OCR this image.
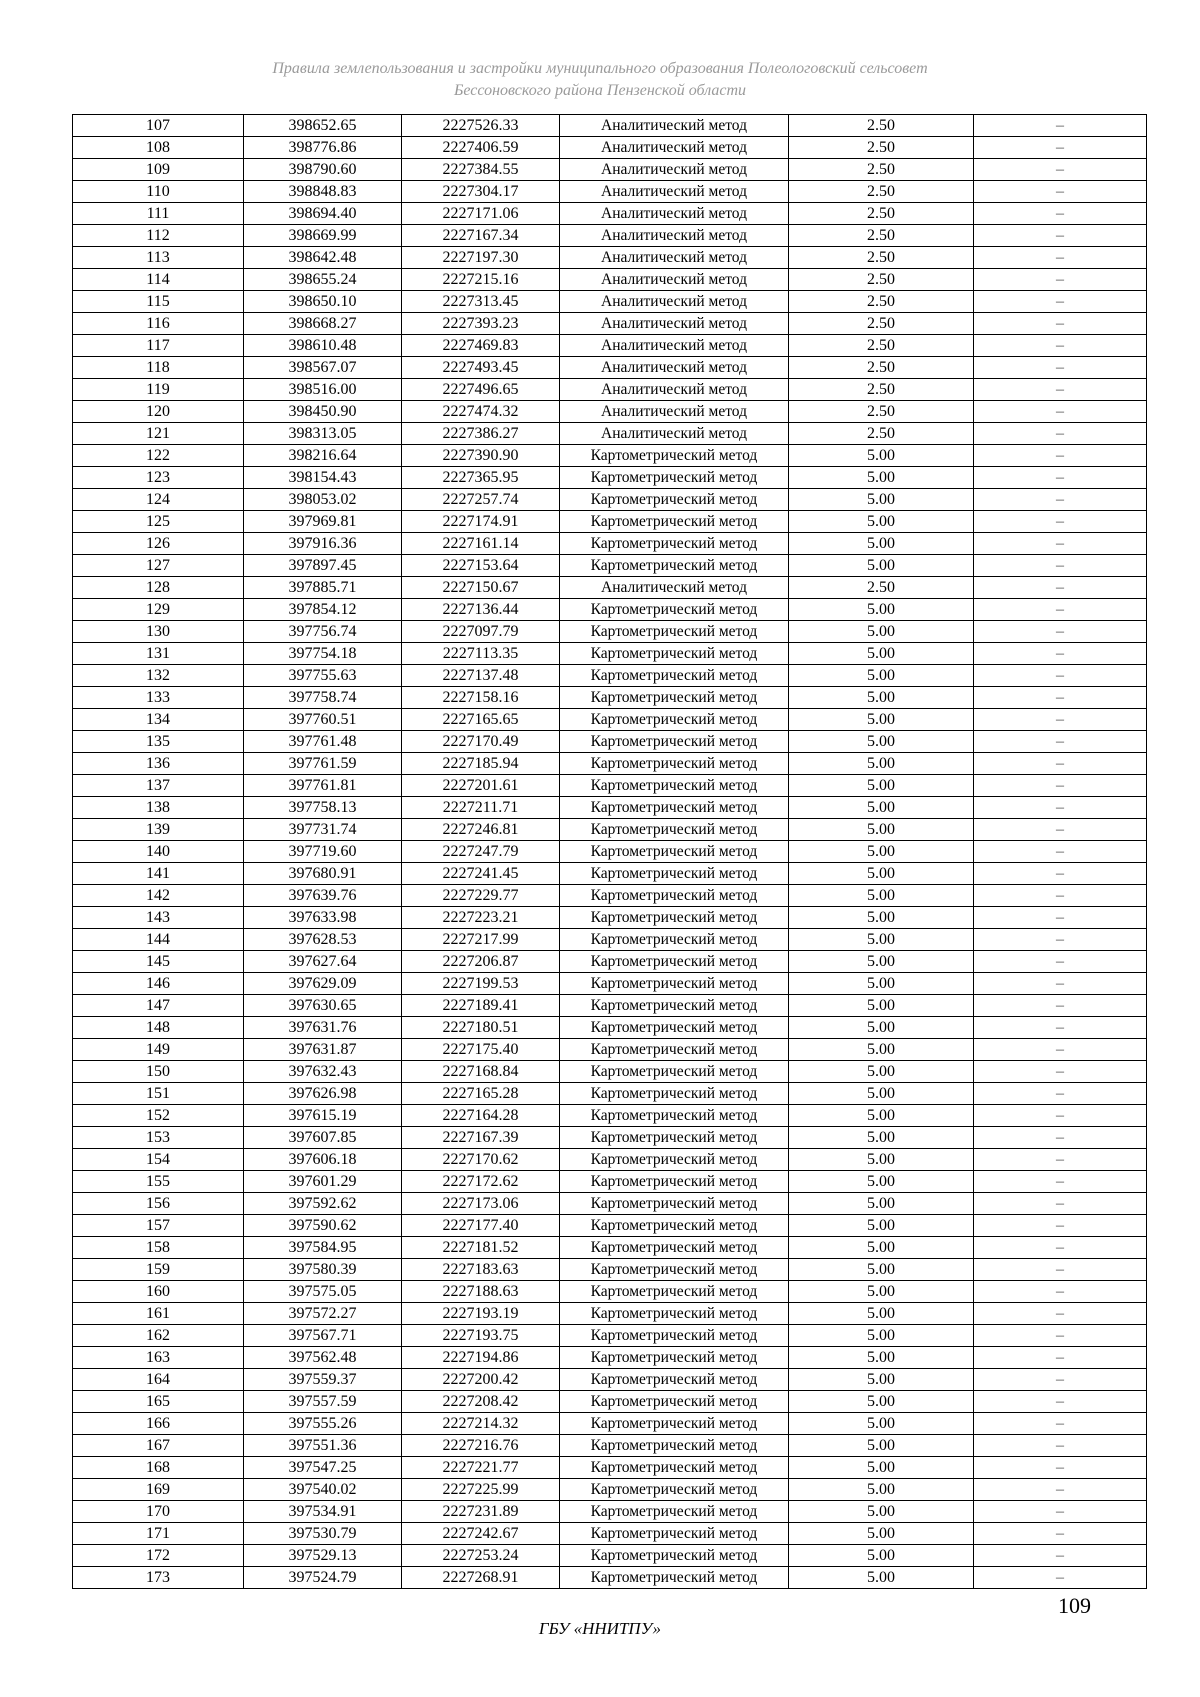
Правила землепользования и застройки муниципального образования Полеологовский сельсовет
Бессоновского района Пензенской области
107	398652.65	2227526.33	Аналитический метод	2.50	–
108	398776.86	2227406.59	Аналитический метод	2.50	–
109	398790.60	2227384.55	Аналитический метод	2.50	–
110	398848.83	2227304.17	Аналитический метод	2.50	–
111	398694.40	2227171.06	Аналитический метод	2.50	–
112	398669.99	2227167.34	Аналитический метод	2.50	–
113	398642.48	2227197.30	Аналитический метод	2.50	–
114	398655.24	2227215.16	Аналитический метод	2.50	–
115	398650.10	2227313.45	Аналитический метод	2.50	–
116	398668.27	2227393.23	Аналитический метод	2.50	–
117	398610.48	2227469.83	Аналитический метод	2.50	–
118	398567.07	2227493.45	Аналитический метод	2.50	–
119	398516.00	2227496.65	Аналитический метод	2.50	–
120	398450.90	2227474.32	Аналитический метод	2.50	–
121	398313.05	2227386.27	Аналитический метод	2.50	–
122	398216.64	2227390.90	Картометрический метод	5.00	–
123	398154.43	2227365.95	Картометрический метод	5.00	–
124	398053.02	2227257.74	Картометрический метод	5.00	–
125	397969.81	2227174.91	Картометрический метод	5.00	–
126	397916.36	2227161.14	Картометрический метод	5.00	–
127	397897.45	2227153.64	Картометрический метод	5.00	–
128	397885.71	2227150.67	Аналитический метод	2.50	–
129	397854.12	2227136.44	Картометрический метод	5.00	–
130	397756.74	2227097.79	Картометрический метод	5.00	–
131	397754.18	2227113.35	Картометрический метод	5.00	–
132	397755.63	2227137.48	Картометрический метод	5.00	–
133	397758.74	2227158.16	Картометрический метод	5.00	–
134	397760.51	2227165.65	Картометрический метод	5.00	–
135	397761.48	2227170.49	Картометрический метод	5.00	–
136	397761.59	2227185.94	Картометрический метод	5.00	–
137	397761.81	2227201.61	Картометрический метод	5.00	–
138	397758.13	2227211.71	Картометрический метод	5.00	–
139	397731.74	2227246.81	Картометрический метод	5.00	–
140	397719.60	2227247.79	Картометрический метод	5.00	–
141	397680.91	2227241.45	Картометрический метод	5.00	–
142	397639.76	2227229.77	Картометрический метод	5.00	–
143	397633.98	2227223.21	Картометрический метод	5.00	–
144	397628.53	2227217.99	Картометрический метод	5.00	–
145	397627.64	2227206.87	Картометрический метод	5.00	–
146	397629.09	2227199.53	Картометрический метод	5.00	–
147	397630.65	2227189.41	Картометрический метод	5.00	–
148	397631.76	2227180.51	Картометрический метод	5.00	–
149	397631.87	2227175.40	Картометрический метод	5.00	–
150	397632.43	2227168.84	Картометрический метод	5.00	–
151	397626.98	2227165.28	Картометрический метод	5.00	–
152	397615.19	2227164.28	Картометрический метод	5.00	–
153	397607.85	2227167.39	Картометрический метод	5.00	–
154	397606.18	2227170.62	Картометрический метод	5.00	–
155	397601.29	2227172.62	Картометрический метод	5.00	–
156	397592.62	2227173.06	Картометрический метод	5.00	–
157	397590.62	2227177.40	Картометрический метод	5.00	–
158	397584.95	2227181.52	Картометрический метод	5.00	–
159	397580.39	2227183.63	Картометрический метод	5.00	–
160	397575.05	2227188.63	Картометрический метод	5.00	–
161	397572.27	2227193.19	Картометрический метод	5.00	–
162	397567.71	2227193.75	Картометрический метод	5.00	–
163	397562.48	2227194.86	Картометрический метод	5.00	–
164	397559.37	2227200.42	Картометрический метод	5.00	–
165	397557.59	2227208.42	Картометрический метод	5.00	–
166	397555.26	2227214.32	Картометрический метод	5.00	–
167	397551.36	2227216.76	Картометрический метод	5.00	–
168	397547.25	2227221.77	Картометрический метод	5.00	–
169	397540.02	2227225.99	Картометрический метод	5.00	–
170	397534.91	2227231.89	Картометрический метод	5.00	–
171	397530.79	2227242.67	Картометрический метод	5.00	–
172	397529.13	2227253.24	Картометрический метод	5.00	–
173	397524.79	2227268.91	Картометрический метод	5.00	–
109
ГБУ «ННИТПУ»
